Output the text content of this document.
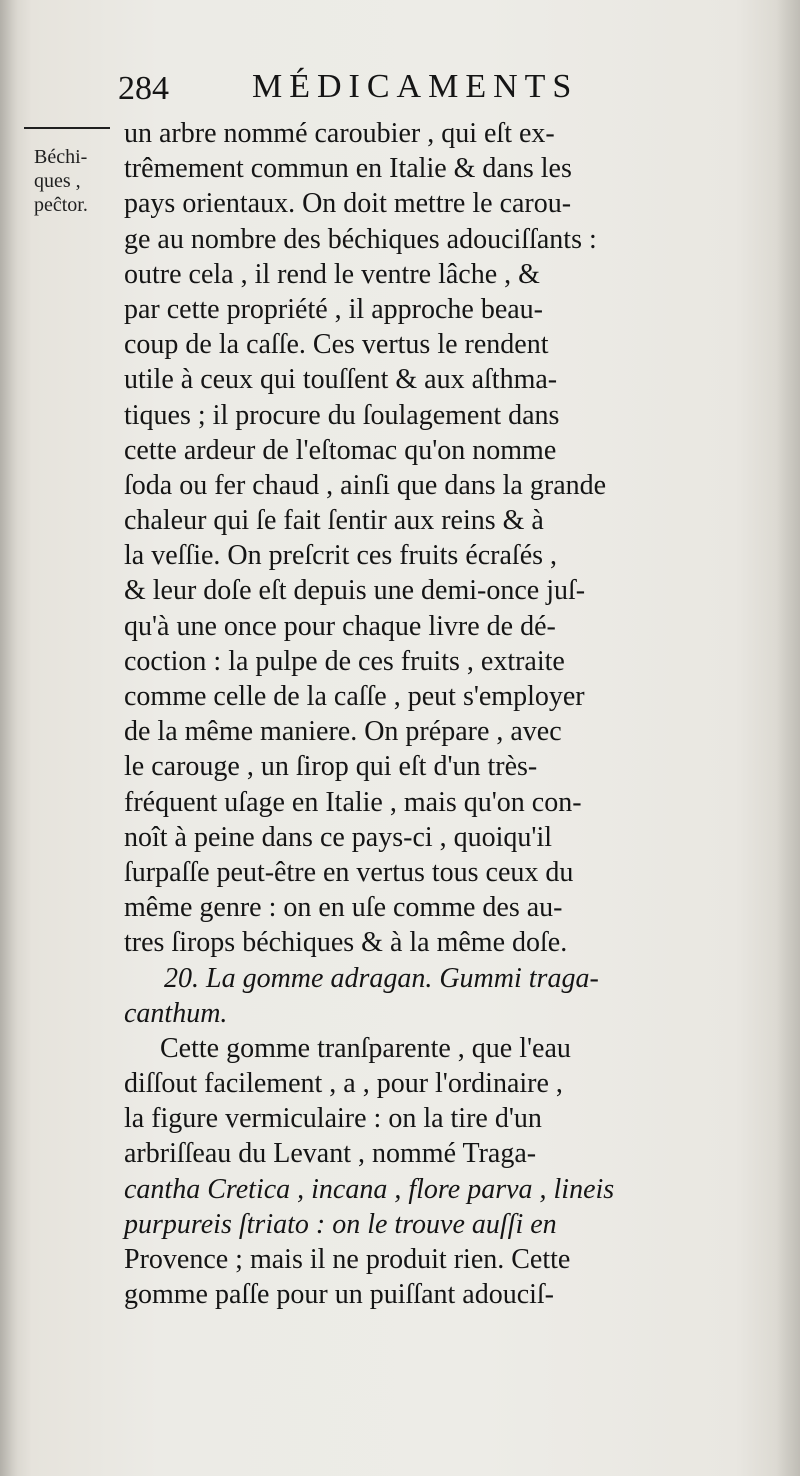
284 MÉDICAMENTS
Béchi-
ques ,
peĉtor.
un arbre nommé caroubier , qui eſt ex-
trêmement commun en Italie & dans les
pays orientaux. On doit mettre le carou-
ge au nombre des béchiques adouciſſants :
outre cela , il rend le ventre lâche , &
par cette propriété , il approche beau-
coup de la caſſe. Ces vertus le rendent
utile à ceux qui touſſent & aux aſthma-
tiques ; il procure du ſoulagement dans
cette ardeur de l'eſtomac qu'on nomme
ſoda ou fer chaud , ainſi que dans la grande
chaleur qui ſe fait ſentir aux reins & à
la veſſie. On preſcrit ces fruits écraſés ,
& leur doſe eſt depuis une demi-once juſ-
qu'à une once pour chaque livre de dé-
coction : la pulpe de ces fruits , extraite
comme celle de la caſſe , peut s'employer
de la même maniere. On prépare , avec
le carouge , un ſirop qui eſt d'un très-
fréquent uſage en Italie , mais qu'on con-
noît à peine dans ce pays-ci , quoiqu'il
ſurpaſſe peut-être en vertus tous ceux du
même genre : on en uſe comme des au-
tres ſirops béchiques & à la même doſe.
20. La gomme adragan. Gummi traga-
canthum.
Cette gomme tranſparente , que l'eau
diſſout facilement , a , pour l'ordinaire ,
la figure vermiculaire : on la tire d'un
arbriſſeau du Levant , nommé Traga-
cantha Cretica , incana , flore parva , lineis
purpureis ſtriato : on le trouve auſſi en
Provence ; mais il ne produit rien. Cette
gomme paſſe pour un puiſſant adouciſ-
